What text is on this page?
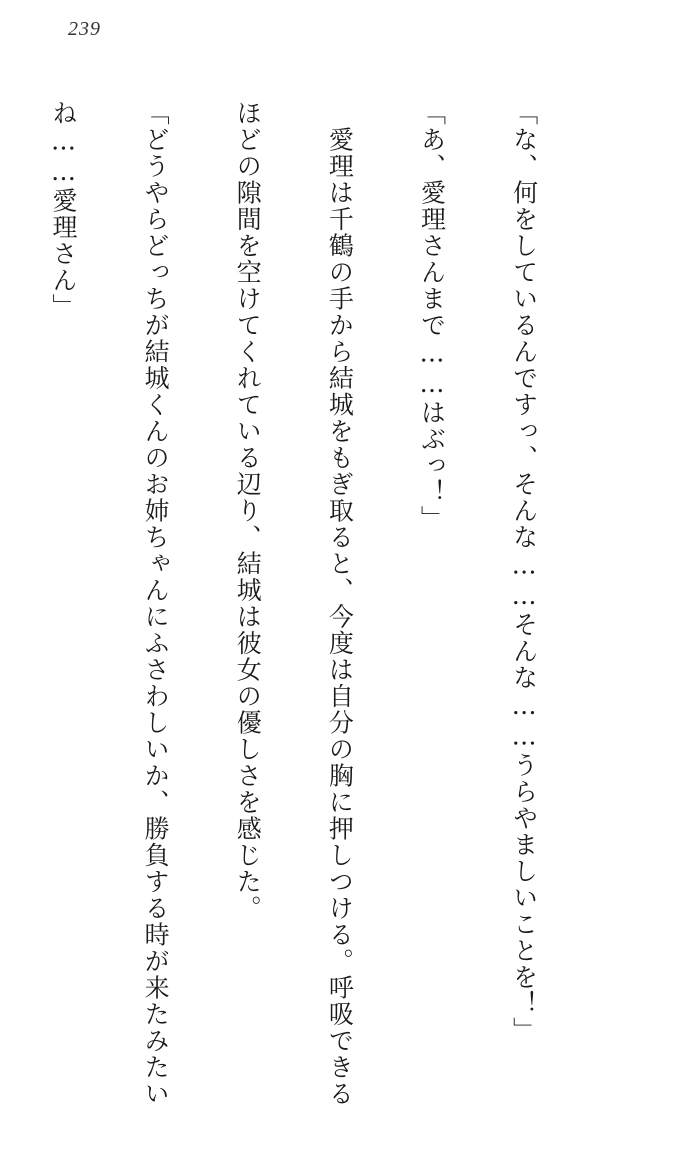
239

「な、何をしているんですっ、そんな……そんな……うらやましいことを！」

「あ、愛理さんまで……はぶっ！」

　愛理は千鶴の手から結城をもぎ取ると、今度は自分の胸に押しつける。呼吸できる

ほどの隙間を空けてくれている辺り、結城は彼女の優しさを感じた。

「どうやらどっちが結城くんのお姉ちゃんにふさわしいか、勝負する時が来たみたい

ね……愛理さん」
